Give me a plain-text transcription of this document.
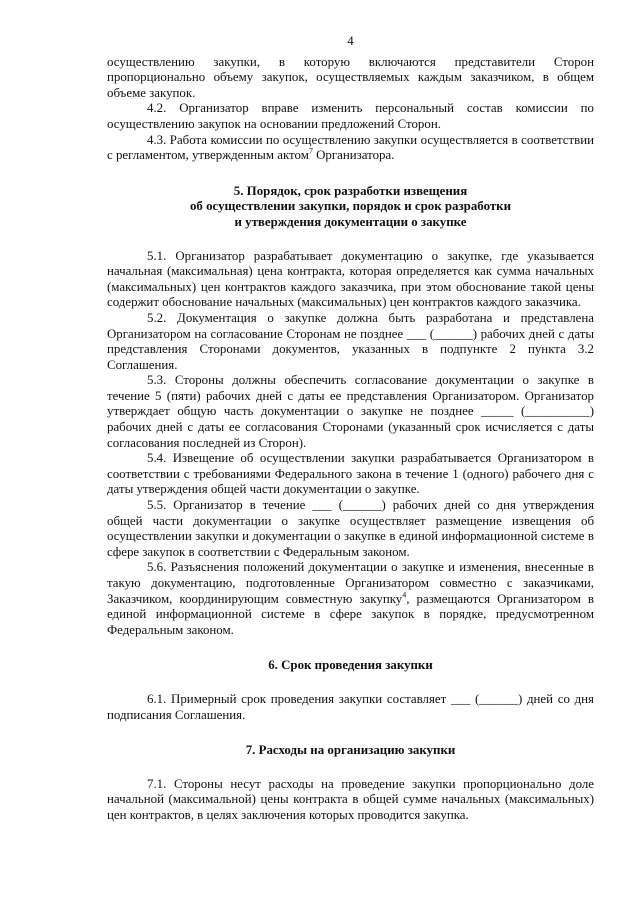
4

осуществлению закупки, в которую включаются представители Сторон пропорционально объему закупок, осуществляемых каждым заказчиком, в общем объеме закупок.

4.2. Организатор вправе изменить персональный состав комиссии по осуществлению закупок на основании предложений Сторон.

4.3. Работа комиссии по осуществлению закупки осуществляется в соответствии с регламентом, утвержденным актом$^7$ Организатора.

5. Порядок, срок разработки извещения
об осуществлении закупки, порядок и срок разработки
и утверждения документации о закупке

5.1. Организатор разрабатывает документацию о закупке, где указывается начальная (максимальная) цена контракта, которая определяется как сумма начальных (максимальных) цен контрактов каждого заказчика, при этом обоснование такой цены содержит обоснование начальных (максимальных) цен контрактов каждого заказчика.

5.2. Документация о закупке должна быть разработана и представлена Организатором на согласование Сторонам не позднее ___ (______) рабочих дней с даты представления Сторонами документов, указанных в подпункте 2 пункта 3.2 Соглашения.

5.3. Стороны должны обеспечить согласование документации о закупке в течение 5 (пяти) рабочих дней с даты ее представления Организатором. Организатор утверждает общую часть документации о закупке не позднее _____ (__________) рабочих дней с даты ее согласования Сторонами (указанный срок исчисляется с даты согласования последней из Сторон).

5.4. Извещение об осуществлении закупки разрабатывается Организатором в соответствии с требованиями Федерального закона в течение 1 (одного) рабочего дня с даты утверждения общей части документации о закупке.

5.5. Организатор в течение ___ (______) рабочих дней со дня утверждения общей части документации о закупке осуществляет размещение извещения об осуществлении закупки и документации о закупке в единой информационной системе в сфере закупок в соответствии с Федеральным законом.

5.6. Разъяснения положений документации о закупке и изменения, внесенные в такую документацию, подготовленные Организатором совместно с заказчиками, Заказчиком, координирующим совместную закупку$^4$, размещаются Организатором в единой информационной системе в сфере закупок в порядке, предусмотренном Федеральным законом.

6. Срок проведения закупки

6.1. Примерный срок проведения закупки составляет ___ (______) дней со дня подписания Соглашения.

7. Расходы на организацию закупки

7.1. Стороны несут расходы на проведение закупки пропорционально доле начальной (максимальной) цены контракта в общей сумме начальных (максимальных) цен контрактов, в целях заключения которых проводится закупка.
